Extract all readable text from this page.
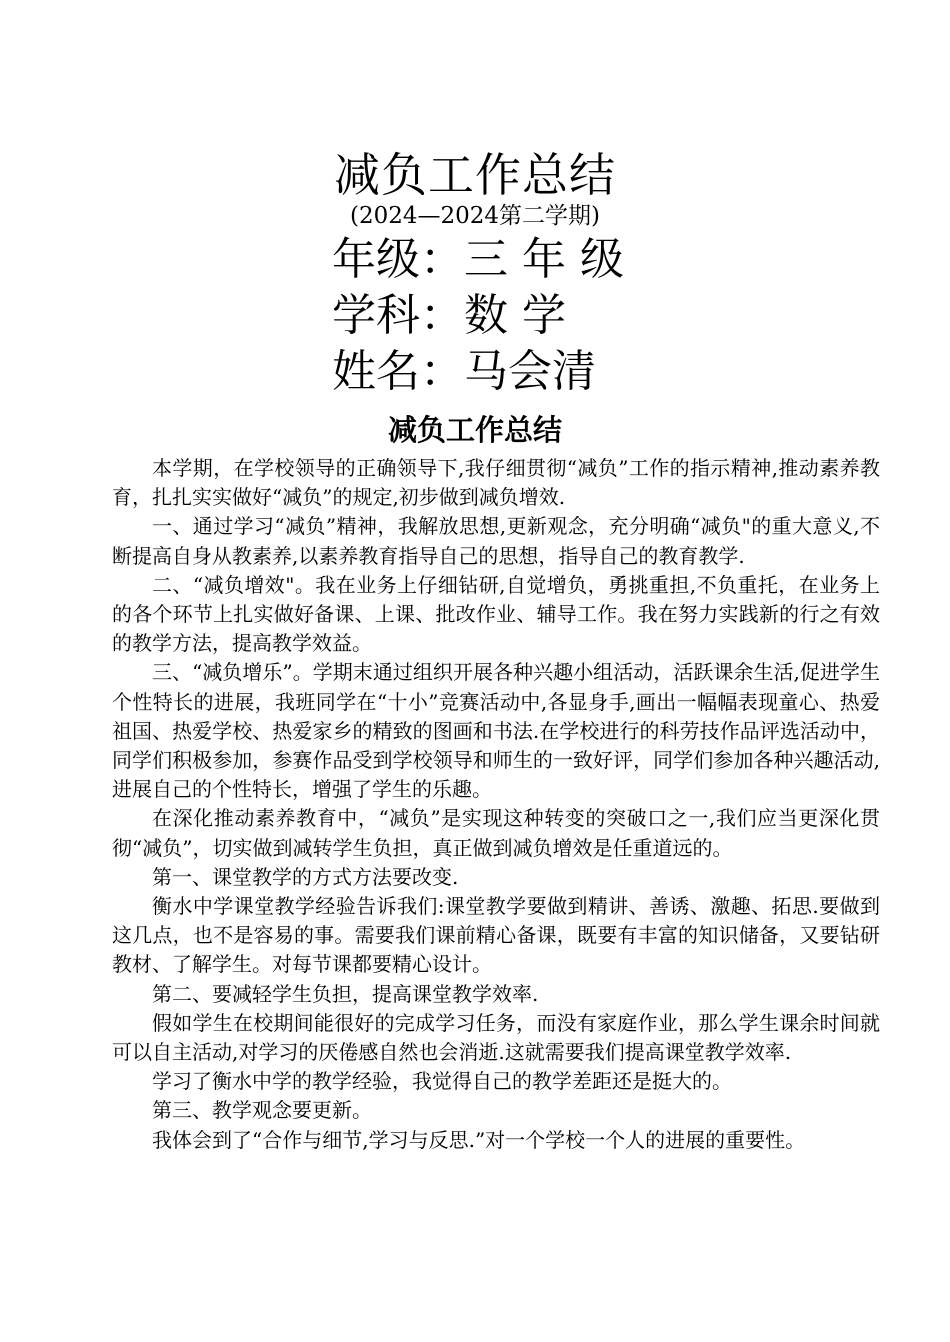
减负工作总结
(2024—2024第二学期)
年级：三 年 级
学科：数 学
姓名：马会清
减负工作总结

本学期，在学校领导的正确领导下,我仔细贯彻“减负”工作的指示精神,推动素养教育，扎扎实实做好“减负”的规定,初步做到减负增效.

一、通过学习“减负”精神，我解放思想,更新观念，充分明确“减负"的重大意义,不断提高自身从教素养,以素养教育指导自己的思想，指导自己的教育教学.

二、“减负增效"。我在业务上仔细钻研,自觉增负，勇挑重担,不负重托，在业务上的各个环节上扎实做好备课、上课、批改作业、辅导工作。我在努力实践新的行之有效的教学方法，提高教学效益。

三、“减负增乐”。学期末通过组织开展各种兴趣小组活动，活跃课余生活,促进学生个性特长的进展，我班同学在“十小”竞赛活动中,各显身手,画出一幅幅表现童心、热爱祖国、热爱学校、热爱家乡的精致的图画和书法.在学校进行的科劳技作品评选活动中，同学们积极参加，参赛作品受到学校领导和师生的一致好评，同学们参加各种兴趣活动,进展自己的个性特长，增强了学生的乐趣。

在深化推动素养教育中，“减负”是实现这种转变的突破口之一,我们应当更深化贯彻“减负”，切实做到减转学生负担，真正做到减负增效是任重道远的。

第一、课堂教学的方式方法要改变.

衡水中学课堂教学经验告诉我们:课堂教学要做到精讲、善诱、激趣、拓思.要做到这几点，也不是容易的事。需要我们课前精心备课，既要有丰富的知识储备，又要钻研教材、了解学生。对每节课都要精心设计。

第二、要减轻学生负担，提高课堂教学效率.

假如学生在校期间能很好的完成学习任务，而没有家庭作业，那么学生课余时间就可以自主活动,对学习的厌倦感自然也会消逝.这就需要我们提高课堂教学效率.

学习了衡水中学的教学经验，我觉得自己的教学差距还是挺大的。

第三、教学观念要更新。

我体会到了“合作与细节,学习与反思.”对一个学校一个人的进展的重要性。
